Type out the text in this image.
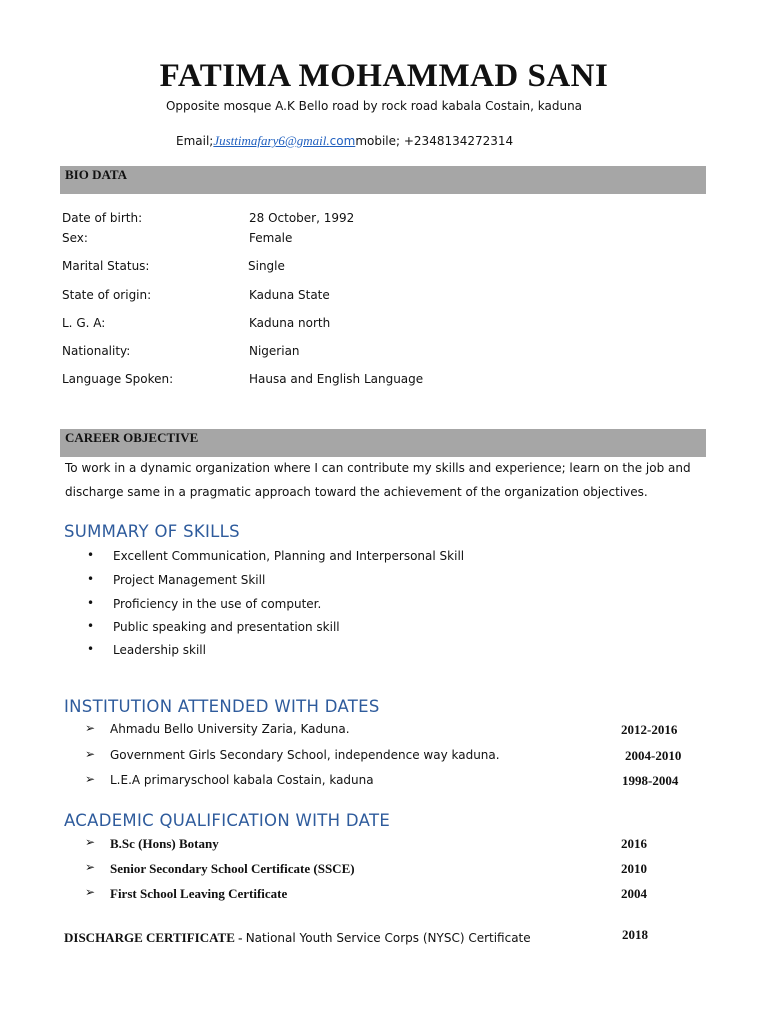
FATIMA MOHAMMAD SANI
Opposite mosque A.K Bello road by rock road kabala Costain, kaduna
Email;Justtimafary6@gmail.commobile; +2348134272314
BIO DATA
Date of birth:	28 October, 1992
Sex:	Female
Marital Status:	Single
State of origin:	Kaduna State
L. G. A:	Kaduna north
Nationality:	Nigerian
Language Spoken:	Hausa and English Language
CAREER OBJECTIVE
To work in a dynamic organization where I can contribute my skills and experience; learn on the job and discharge same in a pragmatic approach toward the achievement of the organization objectives.
SUMMARY OF SKILLS
• Excellent Communication, Planning and Interpersonal Skill
• Project Management Skill
• Proficiency in the use of computer.
• Public speaking and presentation skill
• Leadership skill
INSTITUTION ATTENDED WITH DATES
➢ Ahmadu Bello University Zaria, Kaduna.	2012-2016
➢ Government Girls Secondary School, independence way kaduna.	2004-2010
➢ L.E.A primaryschool kabala Costain, kaduna	1998-2004
ACADEMIC QUALIFICATION WITH DATE
➢ B.Sc (Hons) Botany	2016
➢ Senior Secondary School Certificate (SSCE)	2010
➢ First School Leaving Certificate	2004
DISCHARGE CERTIFICATE - National Youth Service Corps (NYSC) Certificate	2018
